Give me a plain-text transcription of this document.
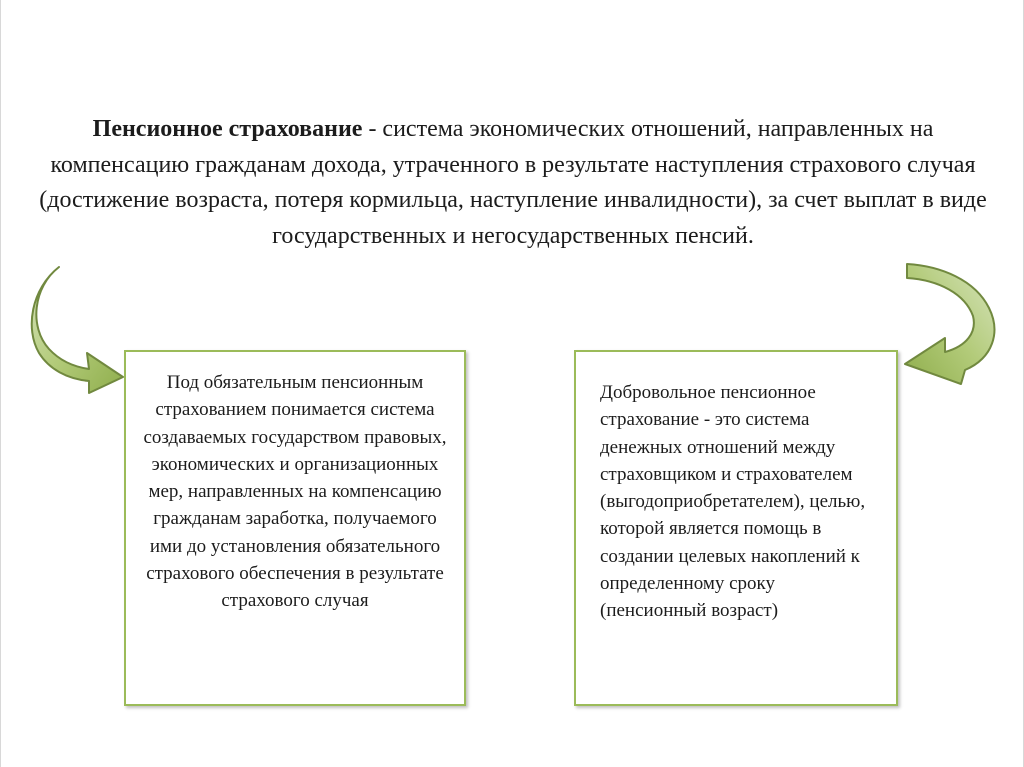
Пенсионное страхование - система экономических отношений, направленных на компенсацию гражданам дохода, утраченного в результате наступления страхового случая (достижение возраста, потеря кормильца, наступление инвалидности), за счет выплат в виде государственных и негосударственных пенсий.
Под обязательным пенсионным страхованием понимается система создаваемых государством правовых, экономических и организационных мер, направленных на компенсацию гражданам заработка, получаемого ими до установления обязательного страхового обеспечения в результате страхового случая
Добровольное пенсионное страхование - это система денежных отношений между страховщиком и страхователем (выгодоприобретателем), целью, которой является помощь в создании целевых накоплений к определенному сроку (пенсионный возраст)
